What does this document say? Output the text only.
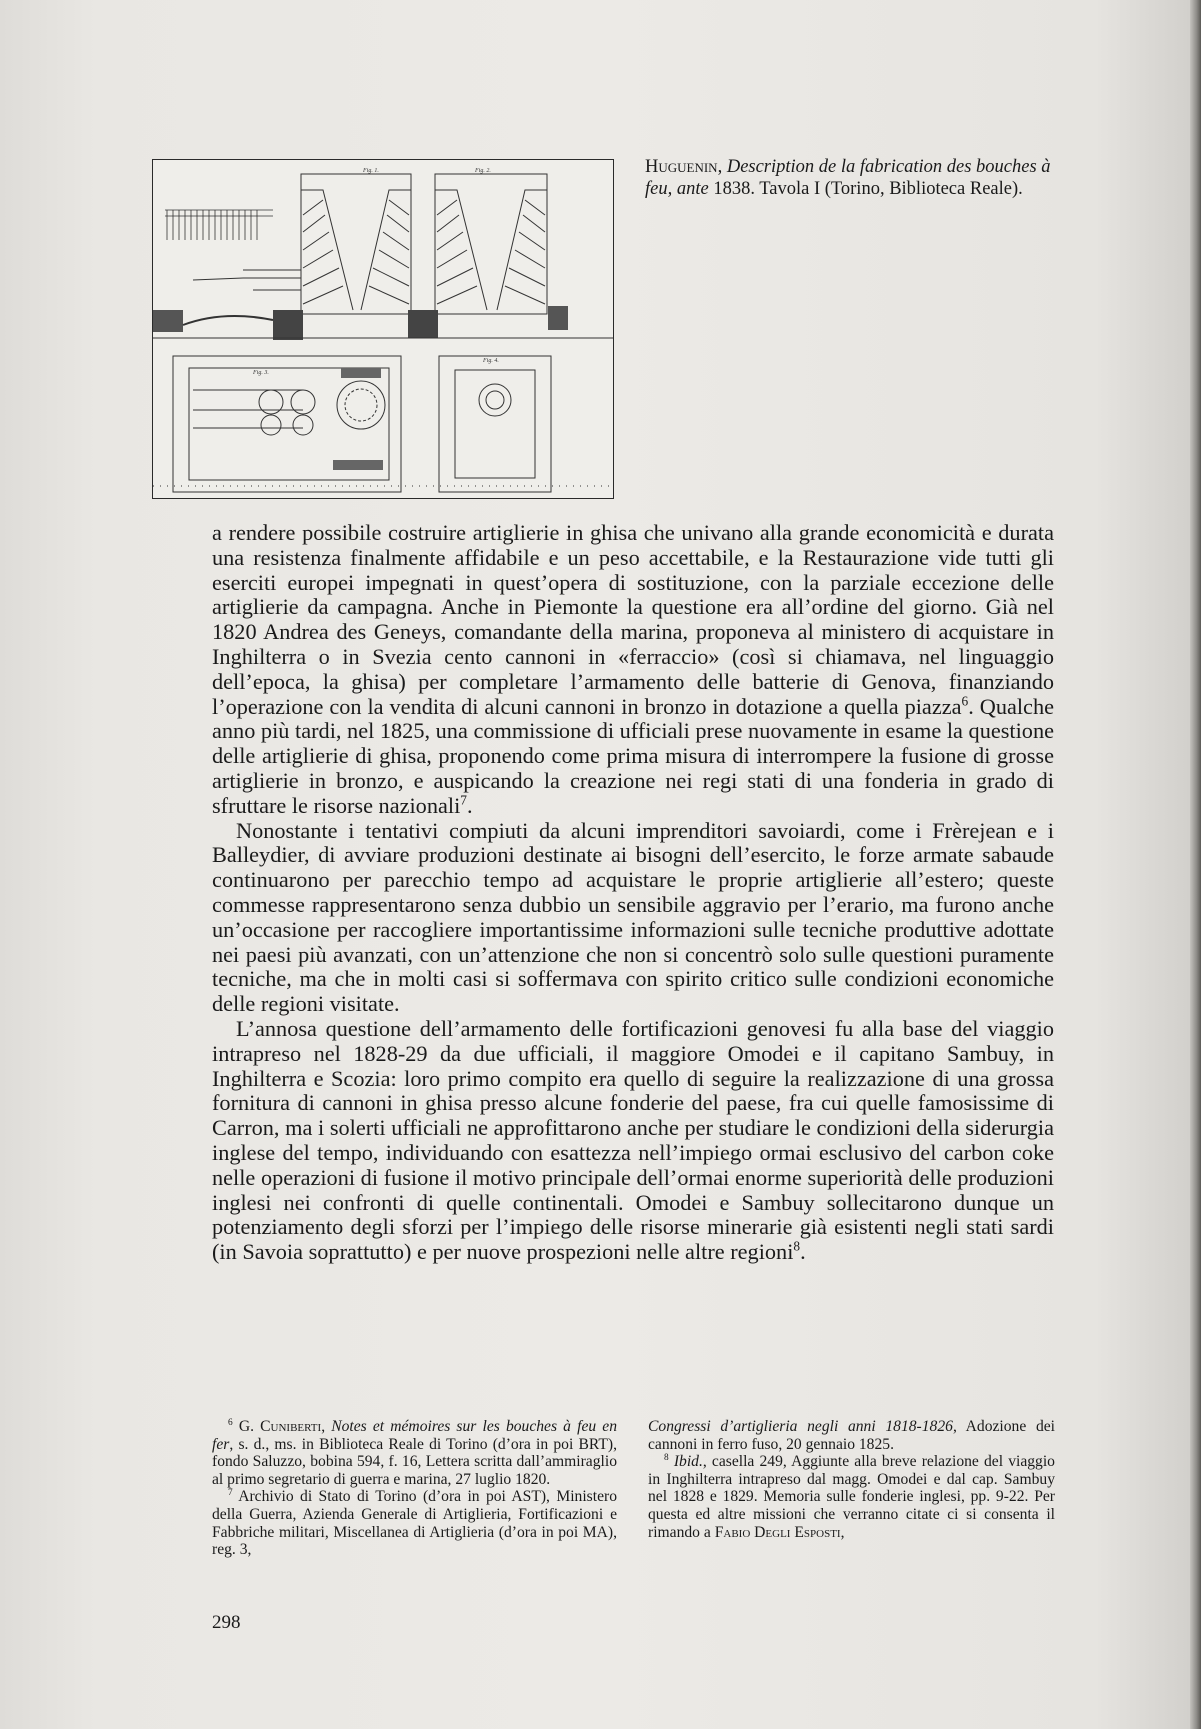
Fig. 1.	Fig. 2.
Fig. 3.
Fig. 4.
Huguenin, Description de la fabrication des bouches à feu, ante 1838. Tavola I (Torino, Biblioteca Reale).

a rendere possibile costruire artiglierie in ghisa che univano alla grande economicità e durata una resistenza finalmente affidabile e un peso accettabile, e la Restaurazione vide tutti gli eserciti europei impegnati in quest’opera di sostituzione, con la parziale eccezione delle artiglierie da campagna. Anche in Piemonte la questione era all’ordine del giorno. Già nel 1820 Andrea des Geneys, comandante della marina, proponeva al ministero di acquistare in Inghilterra o in Svezia cento cannoni in «ferraccio» (così si chiamava, nel linguaggio dell’epoca, la ghisa) per completare l’armamento delle batterie di Genova, finanziando l’operazione con la vendita di alcuni cannoni in bronzo in dotazione a quella piazza$^6$. Qualche anno più tardi, nel 1825, una commissione di ufficiali prese nuovamente in esame la questione delle artiglierie di ghisa, proponendo come prima misura di interrompere la fusione di grosse artiglierie in bronzo, e auspicando la creazione nei regi stati di una fonderia in grado di sfruttare le risorse nazionali$^7$.

Nonostante i tentativi compiuti da alcuni imprenditori savoiardi, come i Frèrejean e i Balleydier, di avviare produzioni destinate ai bisogni dell’esercito, le forze armate sabaude continuarono per parecchio tempo ad acquistare le proprie artiglierie all’estero; queste commesse rappresentarono senza dubbio un sensibile aggravio per l’erario, ma furono anche un’occasione per raccogliere importantissime informazioni sulle tecniche produttive adottate nei paesi più avanzati, con un’attenzione che non si concentrò solo sulle questioni puramente tecniche, ma che in molti casi si soffermava con spirito critico sulle condizioni economiche delle regioni visitate.

L’annosa questione dell’armamento delle fortificazioni genovesi fu alla base del viaggio intrapreso nel 1828-29 da due ufficiali, il maggiore Omodei e il capitano Sambuy, in Inghilterra e Scozia: loro primo compito era quello di seguire la realizzazione di una grossa fornitura di cannoni in ghisa presso alcune fonderie del paese, fra cui quelle famosissime di Carron, ma i solerti ufficiali ne approfittarono anche per studiare le condizioni della siderurgia inglese del tempo, individuando con esattezza nell’impiego ormai esclusivo del carbon coke nelle operazioni di fusione il motivo principale dell’ormai enorme superiorità delle produzioni inglesi nei confronti di quelle continentali. Omodei e Sambuy sollecitarono dunque un potenziamento degli sforzi per l’impiego delle risorse minerarie già esistenti negli stati sardi (in Savoia soprattutto) e per nuove prospezioni nelle altre regioni$^8$.

$^6$ G. Cuniberti, Notes et mémoires sur les bouches à feu en fer, s. d., ms. in Biblioteca Reale di Torino (d’ora in poi BRT), fondo Saluzzo, bobina 594, f. 16, Lettera scritta dall’ammiraglio al primo segretario di guerra e marina, 27 luglio 1820.

$^7$ Archivio di Stato di Torino (d’ora in poi AST), Ministero della Guerra, Azienda Generale di Artiglieria, Fortificazioni e Fabbriche militari, Miscellanea di Artiglieria (d’ora in poi MA), reg. 3,

Congressi d’artiglieria negli anni 1818-1826, Adozione dei cannoni in ferro fuso, 20 gennaio 1825.

$^8$ Ibid., casella 249, Aggiunte alla breve relazione del viaggio in Inghilterra intrapreso dal magg. Omodei e dal cap. Sambuy nel 1828 e 1829. Memoria sulle fonderie inglesi, pp. 9-22. Per questa ed altre missioni che verranno citate ci si consenta il rimando a Fabio Degli Esposti,

298
